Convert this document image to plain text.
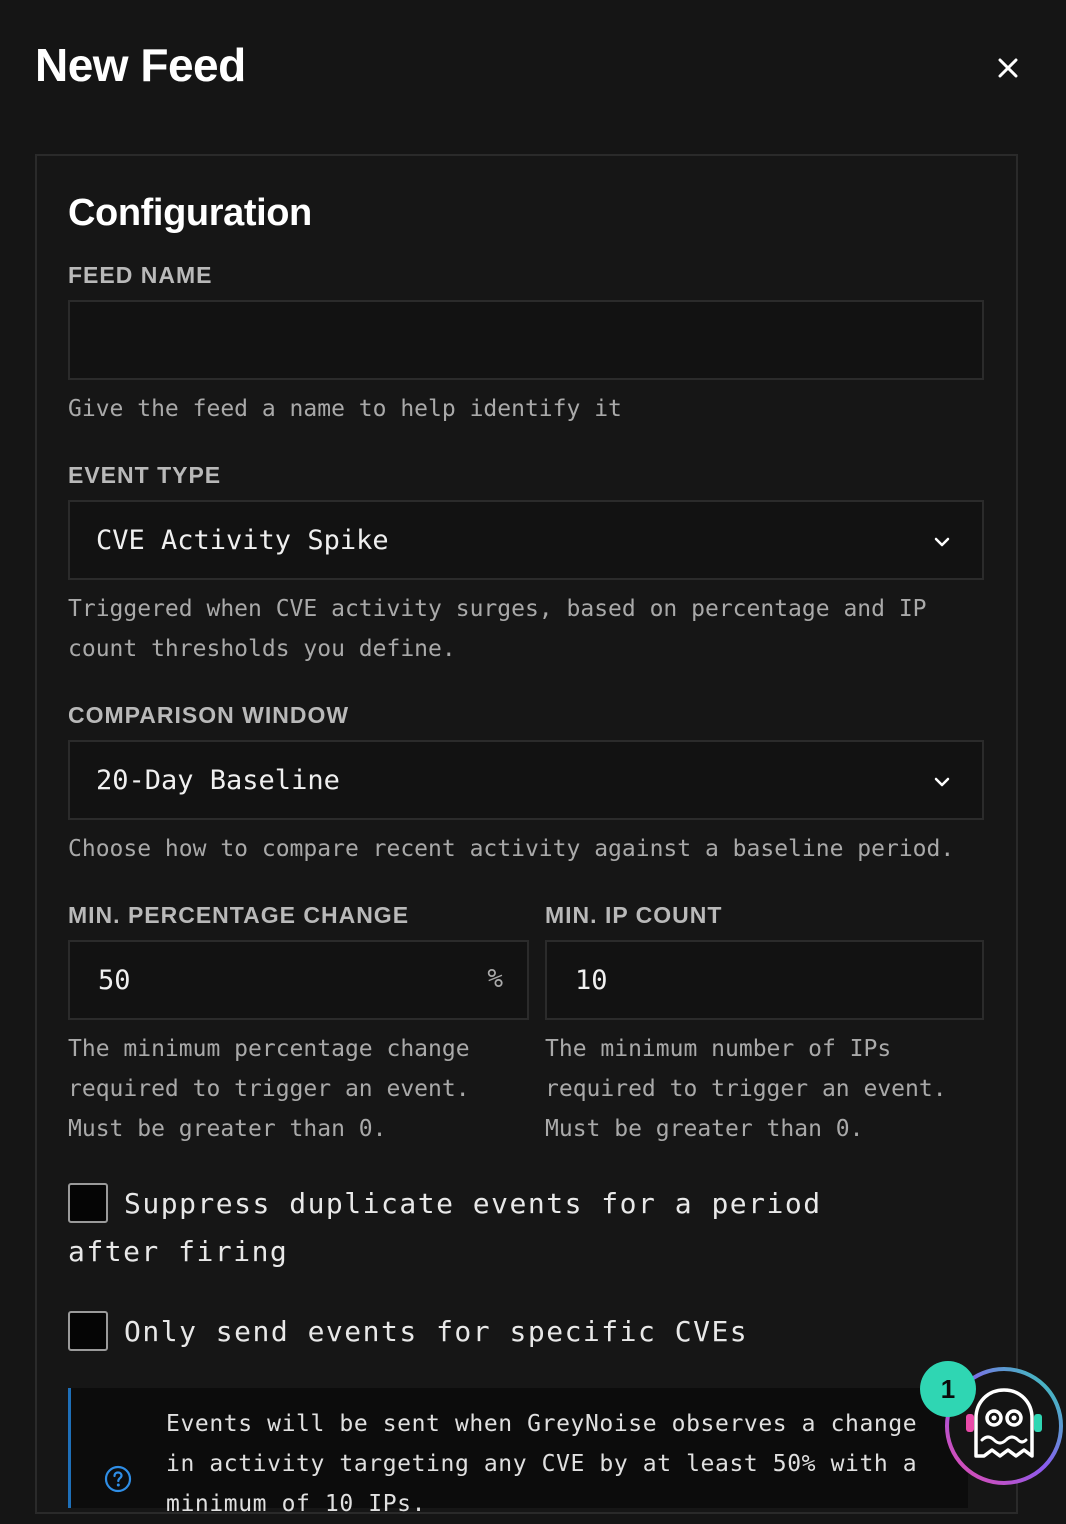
New Feed
Configuration
FEED NAME
Give the feed a name to help identify it
EVENT TYPE
CVE Activity Spike
Triggered when CVE activity surges, based on percentage and IP count thresholds you define.
COMPARISON WINDOW
20-Day Baseline
Choose how to compare recent activity against a baseline period.
MIN. PERCENTAGE CHANGE
50	%
The minimum percentage change required to trigger an event. Must be greater than 0.
MIN. IP COUNT
10
The minimum number of IPs required to trigger an event. Must be greater than 0.
Suppress duplicate events for a period after firing
Only send events for specific CVEs
Events will be sent when GreyNoise observes a change in activity targeting any CVE by at least 50% with a minimum of 10 IPs.
1
